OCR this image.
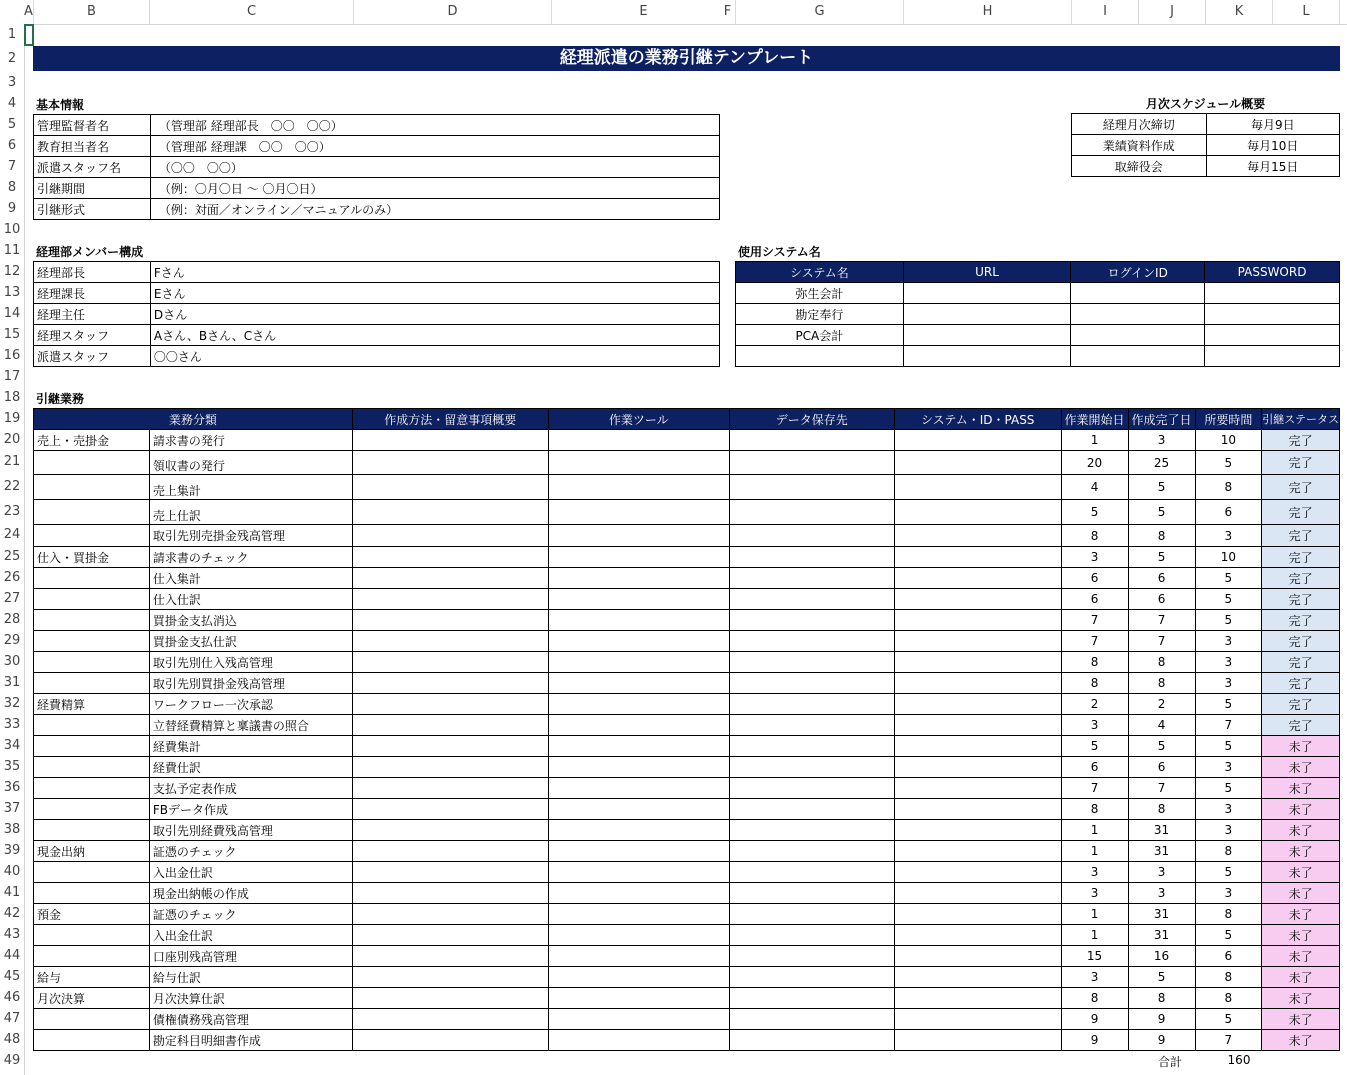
A	B	C	D	E	F	G	H	I	J	K	L
1
2
3
4
5
6
7
8
9
10
11
12
13
14
15
16
17
18
19
20
21
22
23
24
25
26
27
28
29
30
31
32
33
34
35
36
37
38
39
40
41
42
43
44
45
46
47
48
49
経理派遣の業務引継テンプレート
基本情報
管理監督者名	（管理部 経理部長　〇〇　〇〇）
教育担当者名	（管理部 経理課　〇〇　〇〇）
派遣スタッフ名	（〇〇　〇〇）
引継期間	（例：〇月〇日 ～ 〇月〇日）
引継形式	（例：対面／オンライン／マニュアルのみ）
月次スケジュール概要
経理月次締切	毎月9日
業績資料作成	毎月10日
取締役会	毎月15日
経理部メンバー構成
経理部長	Fさん
経理課長	Eさん
経理主任	Dさん
経理スタッフ	Aさん、Bさん、Cさん
派遣スタッフ	〇〇さん
使用システム名
システム名	URL	ログインID	PASSWORD
弥生会計			
勘定奉行			
PCA会計			

引継業務
業務分類		作成方法・留意事項概要	作業ツール	データ保存先	システム・ID・PASS	作業開始日	作成完了日	所要時間	引継ステータス
売上・売掛金	請求書の発行					1	3	10	完了
	領収書の発行					20	25	5	完了
	売上集計					4	5	8	完了
	売上仕訳					5	5	6	完了
	取引先別売掛金残高管理					8	8	3	完了
仕入・買掛金	請求書のチェック					3	5	10	完了
	仕入集計					6	6	5	完了
	仕入仕訳					6	6	5	完了
	買掛金支払消込					7	7	5	完了
	買掛金支払仕訳					7	7	3	完了
	取引先別仕入残高管理					8	8	3	完了
	取引先別買掛金残高管理					8	8	3	完了
経費精算	ワークフロー一次承認					2	2	5	完了
	立替経費精算と稟議書の照合					3	4	7	完了
	経費集計					5	5	5	未了
	経費仕訳					6	6	3	未了
	支払予定表作成					7	7	5	未了
	FBデータ作成					8	8	3	未了
	取引先別経費残高管理					1	31	3	未了
現金出納	証憑のチェック					1	31	8	未了
	入出金仕訳					3	3	5	未了
	現金出納帳の作成					3	3	3	未了
預金	証憑のチェック					1	31	8	未了
	入出金仕訳					1	31	5	未了
	口座別残高管理					15	16	6	未了
給与	給与仕訳					3	5	8	未了
月次決算	月次決算仕訳					8	8	8	未了
	債権債務残高管理					9	9	5	未了
	勘定科目明細書作成					9	9	7	未了
合計	160
